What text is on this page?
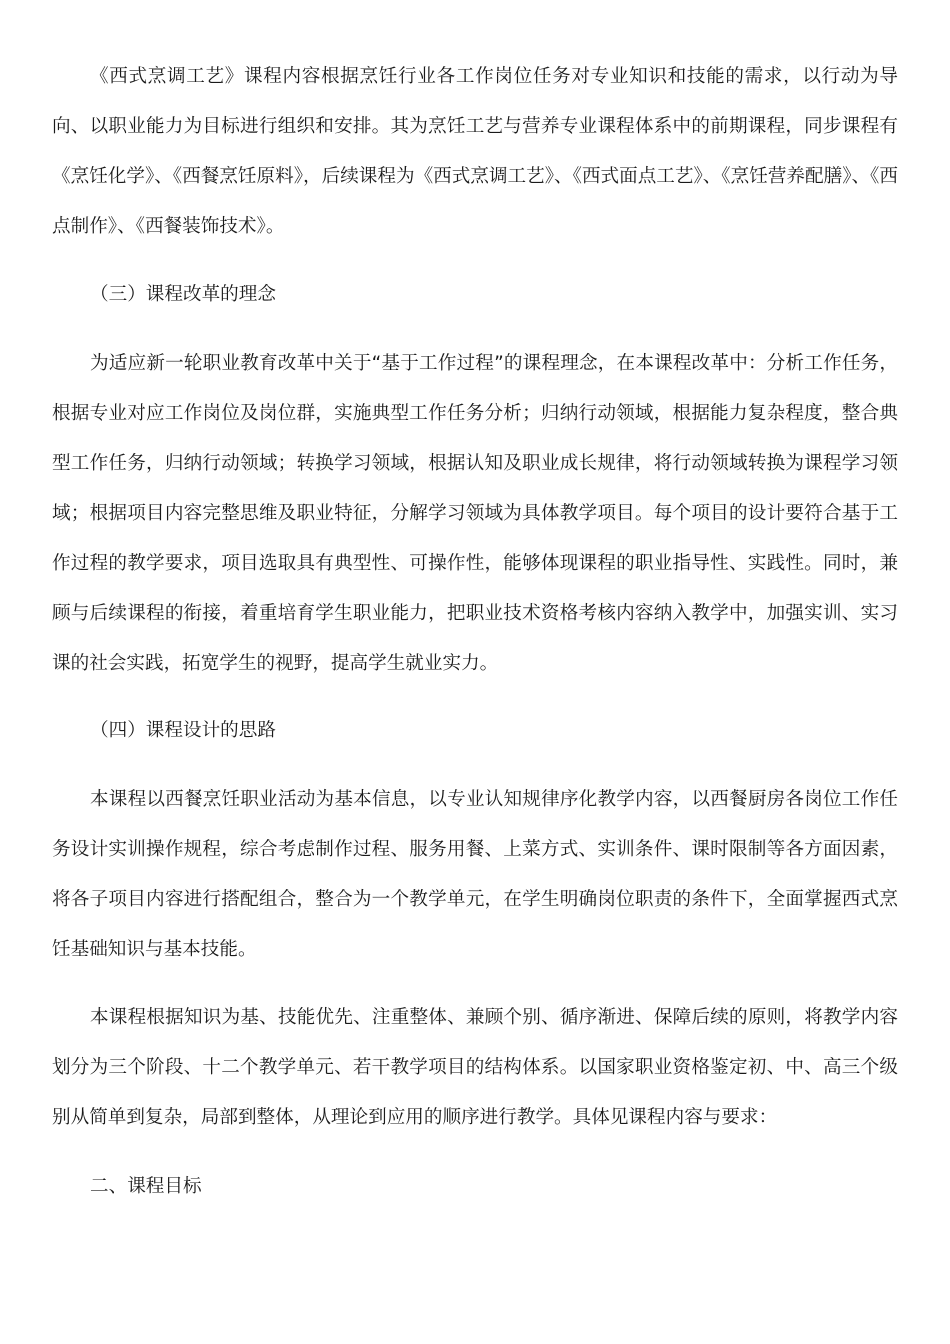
《西式烹调工艺》课程内容根据烹饪行业各工作岗位任务对专业知识和技能的需求，以行动为导向、以职业能力为目标进行组织和安排。其为烹饪工艺与营养专业课程体系中的前期课程，同步课程有《烹饪化学》、《西餐烹饪原料》，后续课程为《西式烹调工艺》、《西式面点工艺》、《烹饪营养配膳》、《西点制作》、《西餐装饰技术》。

（三）课程改革的理念

为适应新一轮职业教育改革中关于“基于工作过程”的课程理念，在本课程改革中：分析工作任务，根据专业对应工作岗位及岗位群，实施典型工作任务分析；归纳行动领域，根据能力复杂程度，整合典型工作任务，归纳行动领域；转换学习领域，根据认知及职业成长规律，将行动领域转换为课程学习领域；根据项目内容完整思维及职业特征，分解学习领域为具体教学项目。每个项目的设计要符合基于工作过程的教学要求，项目选取具有典型性、可操作性，能够体现课程的职业指导性、实践性。同时，兼顾与后续课程的衔接，着重培育学生职业能力，把职业技术资格考核内容纳入教学中，加强实训、实习课的社会实践，拓宽学生的视野，提高学生就业实力。

（四）课程设计的思路

本课程以西餐烹饪职业活动为基本信息，以专业认知规律序化教学内容，以西餐厨房各岗位工作任务设计实训操作规程，综合考虑制作过程、服务用餐、上菜方式、实训条件、课时限制等各方面因素，将各子项目内容进行搭配组合，整合为一个教学单元，在学生明确岗位职责的条件下，全面掌握西式烹饪基础知识与基本技能。

本课程根据知识为基、技能优先、注重整体、兼顾个别、循序渐进、保障后续的原则，将教学内容划分为三个阶段、十二个教学单元、若干教学项目的结构体系。以国家职业资格鉴定初、中、高三个级别从简单到复杂，局部到整体，从理论到应用的顺序进行教学。具体见课程内容与要求：

二、课程目标
